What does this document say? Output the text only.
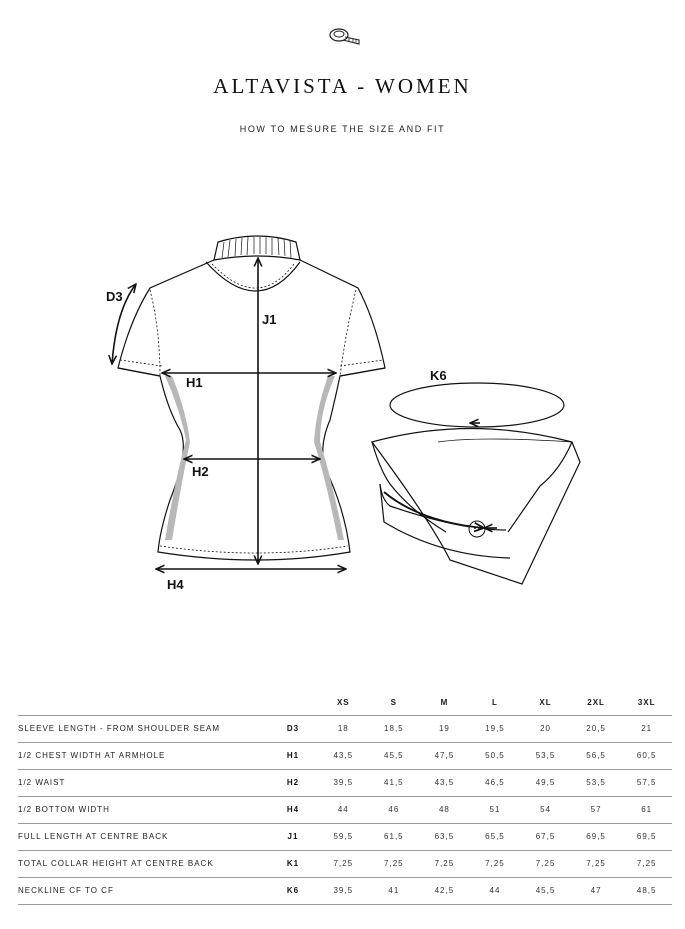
ALTAVISTA - WOMEN
HOW TO MESURE THE SIZE AND FIT
D3
J1
H1
H2
H4
K6
		XS	S	M	L	XL	2XL	3XL
SLEEVE LENGTH - FROM SHOULDER SEAM	D3	18	18,5	19	19,5	20	20,5	21
1/2 CHEST WIDTH AT ARMHOLE	H1	43,5	45,5	47,5	50,5	53,5	56,5	60,5
1/2 WAIST	H2	39,5	41,5	43,5	46,5	49,5	53,5	57,5
1/2 BOTTOM WIDTH	H4	44	46	48	51	54	57	61
FULL LENGTH AT CENTRE BACK	J1	59,5	61,5	63,5	65,5	67,5	69,5	69,5
TOTAL COLLAR HEIGHT AT CENTRE BACK	K1	7,25	7,25	7,25	7,25	7,25	7,25	7,25
NECKLINE CF TO CF	K6	39,5	41	42,5	44	45,5	47	48,5
